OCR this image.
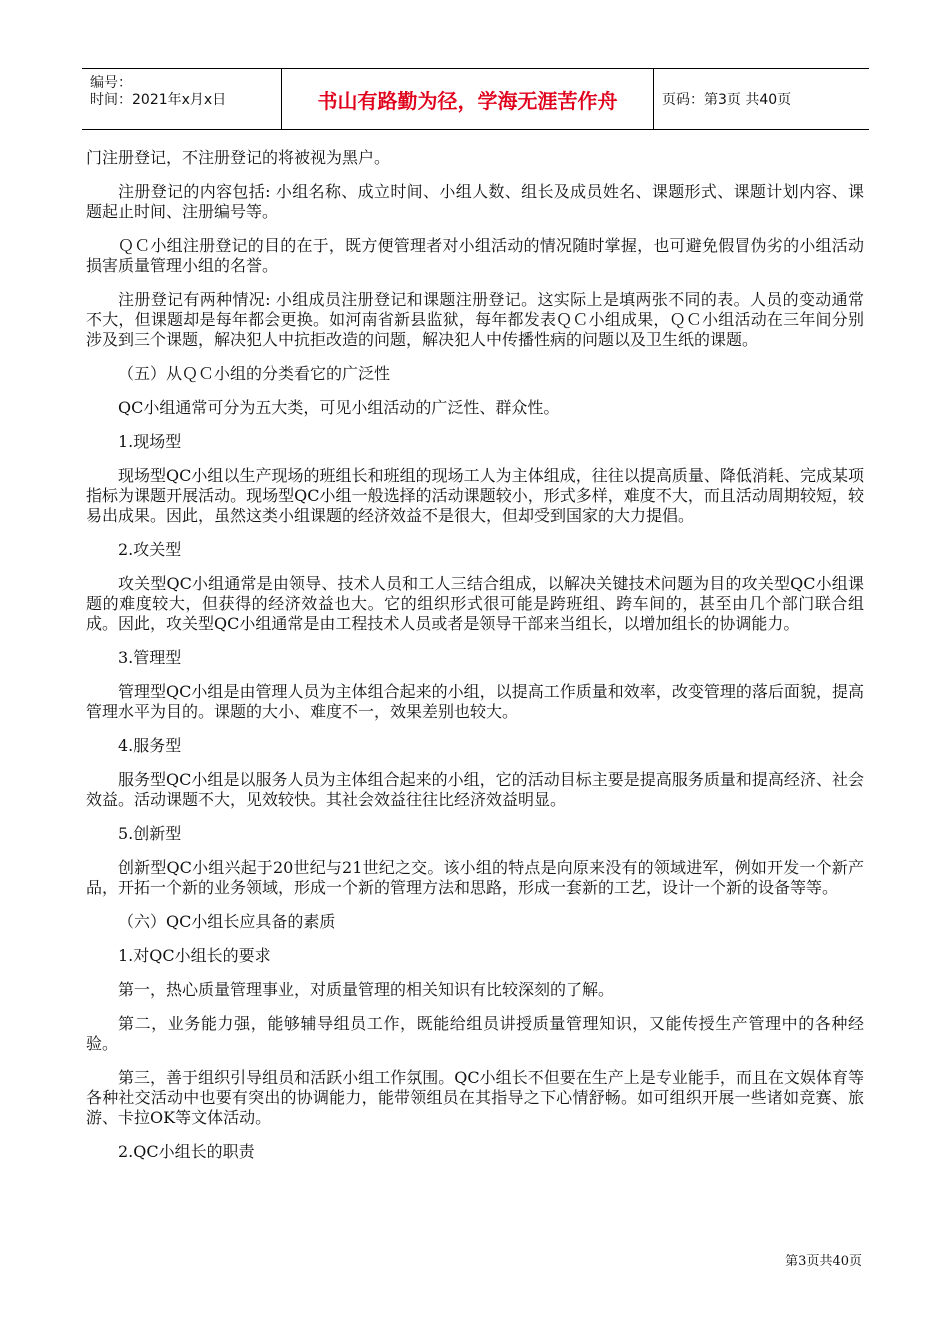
编号：
时间：2021年x月x日	书山有路勤为径，学海无涯苦作舟	页码：第3页 共40页

门注册登记，不注册登记的将被视为黑户。

注册登记的内容包括: 小组名称、成立时间、小组人数、组长及成员姓名、课题形式、课题计划内容、课题起止时间、注册编号等。

ＱＣ小组注册登记的目的在于，既方便管理者对小组活动的情况随时掌握，也可避免假冒伪劣的小组活动损害质量管理小组的名誉。

注册登记有两种情况: 小组成员注册登记和课题注册登记。这实际上是填两张不同的表。人员的变动通常不大，但课题却是每年都会更换。如河南省新县监狱，每年都发表ＱＣ小组成果，ＱＣ小组活动在三年间分别涉及到三个课题，解决犯人中抗拒改造的问题，解决犯人中传播性病的问题以及卫生纸的课题。

（五）从ＱＣ小组的分类看它的广泛性

QC小组通常可分为五大类，可见小组活动的广泛性、群众性。

1.现场型

现场型QC小组以生产现场的班组长和班组的现场工人为主体组成，往往以提高质量、降低消耗、完成某项指标为课题开展活动。现场型QC小组一般选择的活动课题较小，形式多样，难度不大，而且活动周期较短，较易出成果。因此，虽然这类小组课题的经济效益不是很大，但却受到国家的大力提倡。

2.攻关型

攻关型QC小组通常是由领导、技术人员和工人三结合组成，以解决关键技术问题为目的攻关型QC小组课题的难度较大，但获得的经济效益也大。它的组织形式很可能是跨班组、跨车间的，甚至由几个部门联合组成。因此，攻关型QC小组通常是由工程技术人员或者是领导干部来当组长，以增加组长的协调能力。

3.管理型

管理型QC小组是由管理人员为主体组合起来的小组，以提高工作质量和效率，改变管理的落后面貌，提高管理水平为目的。课题的大小、难度不一，效果差别也较大。

4.服务型

服务型QC小组是以服务人员为主体组合起来的小组，它的活动目标主要是提高服务质量和提高经济、社会效益。活动课题不大，见效较快。其社会效益往往比经济效益明显。

5.创新型

创新型QC小组兴起于20世纪与21世纪之交。该小组的特点是向原来没有的领域进军，例如开发一个新产品，开拓一个新的业务领域，形成一个新的管理方法和思路，形成一套新的工艺，设计一个新的设备等等。

（六）QC小组长应具备的素质

1.对QC小组长的要求

第一，热心质量管理事业，对质量管理的相关知识有比较深刻的了解。

第二，业务能力强，能够辅导组员工作，既能给组员讲授质量管理知识，又能传授生产管理中的各种经验。

第三，善于组织引导组员和活跃小组工作氛围。QC小组长不但要在生产上是专业能手，而且在文娱体育等各种社交活动中也要有突出的协调能力，能带领组员在其指导之下心情舒畅。如可组织开展一些诸如竞赛、旅游、卡拉OK等文体活动。

2.QC小组长的职责

第3页共40页
